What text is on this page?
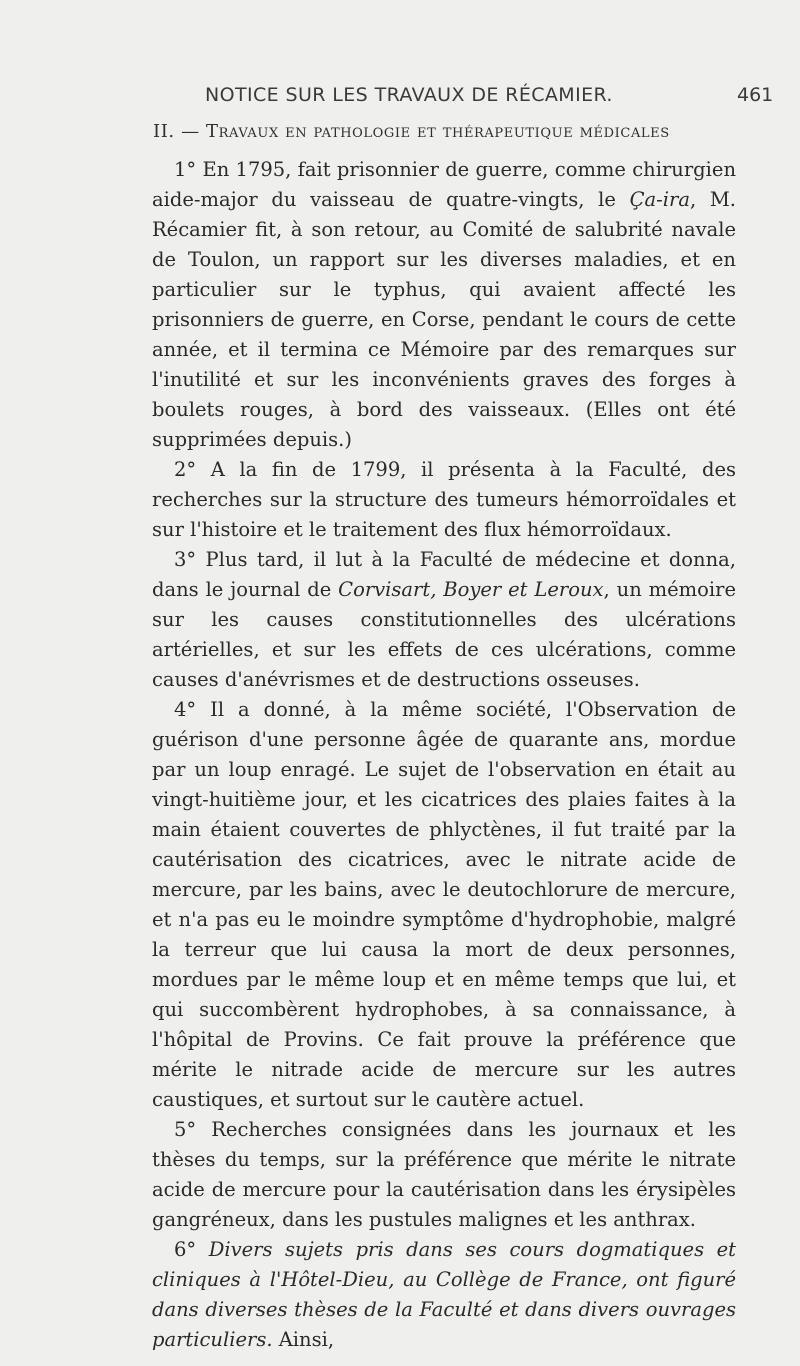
NOTICE SUR LES TRAVAUX DE RÉCAMIER.	461
II. — Travaux en pathologie et thérapeutique médicales

1° En 1795, fait prisonnier de guerre, comme chirurgien aide-major du vaisseau de quatre-vingts, le Ça-ira, M. Récamier fit, à son retour, au Comité de salubrité navale de Toulon, un rapport sur les diverses maladies, et en particulier sur le typhus, qui avaient affecté les prisonniers de guerre, en Corse, pendant le cours de cette année, et il termina ce Mémoire par des remarques sur l'inutilité et sur les inconvénients graves des forges à boulets rouges, à bord des vaisseaux. (Elles ont été supprimées depuis.)

2° A la fin de 1799, il présenta à la Faculté, des recherches sur la structure des tumeurs hémorroïdales et sur l'histoire et le traitement des flux hémorroïdaux.

3° Plus tard, il lut à la Faculté de médecine et donna, dans le journal de Corvisart, Boyer et Leroux, un mémoire sur les causes constitutionnelles des ulcérations artérielles, et sur les effets de ces ulcérations, comme causes d'anévrismes et de destructions osseuses.

4° Il a donné, à la même société, l'Observation de guérison d'une personne âgée de quarante ans, mordue par un loup enragé. Le sujet de l'observation en était au vingt-huitième jour, et les cicatrices des plaies faites à la main étaient couvertes de phlyctènes, il fut traité par la cautérisation des cicatrices, avec le nitrate acide de mercure, par les bains, avec le deutochlorure de mercure, et n'a pas eu le moindre symptôme d'hydrophobie, malgré la terreur que lui causa la mort de deux personnes, mordues par le même loup et en même temps que lui, et qui succombèrent hydrophobes, à sa connaissance, à l'hôpital de Provins. Ce fait prouve la préférence que mérite le nitrade acide de mercure sur les autres caustiques, et surtout sur le cautère actuel.

5° Recherches consignées dans les journaux et les thèses du temps, sur la préférence que mérite le nitrate acide de mercure pour la cautérisation dans les érysipèles gangréneux, dans les pustules malignes et les anthrax.

6° Divers sujets pris dans ses cours dogmatiques et cliniques à l'Hôtel-Dieu, au Collège de France, ont figuré dans diverses thèses de la Faculté et dans divers ouvrages particuliers. Ainsi,
